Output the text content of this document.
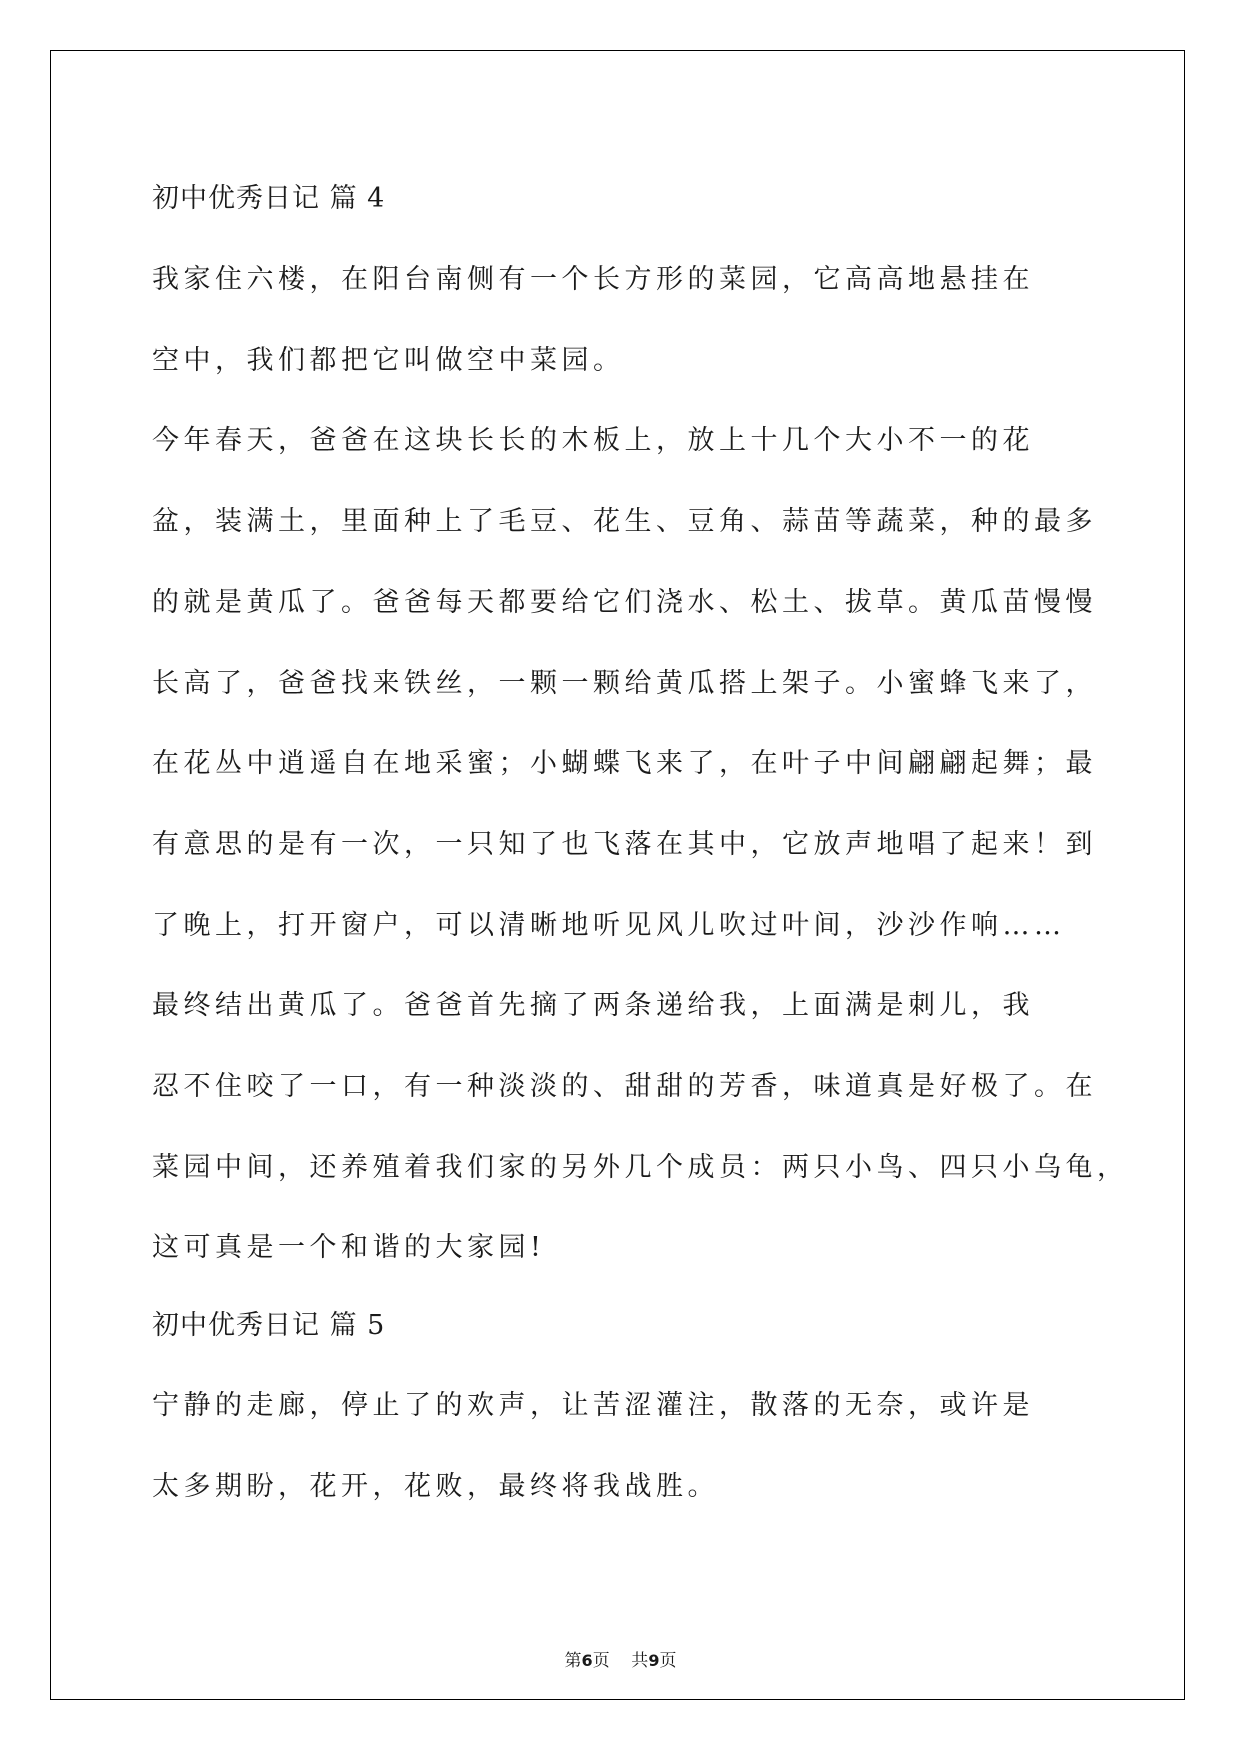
初中优秀日记 篇 4
我家住六楼，在阳台南侧有一个长方形的菜园，它高高地悬挂在
空中，我们都把它叫做空中菜园。
今年春天，爸爸在这块长长的木板上，放上十几个大小不一的花
盆，装满土，里面种上了毛豆、花生、豆角、蒜苗等蔬菜，种的最多
的就是黄瓜了。爸爸每天都要给它们浇水、松土、拔草。黄瓜苗慢慢
长高了，爸爸找来铁丝，一颗一颗给黄瓜搭上架子。小蜜蜂飞来了，
在花丛中逍遥自在地采蜜；小蝴蝶飞来了，在叶子中间翩翩起舞；最
有意思的是有一次，一只知了也飞落在其中，它放声地唱了起来！到
了晚上，打开窗户，可以清晰地听见风儿吹过叶间，沙沙作响……
最终结出黄瓜了。爸爸首先摘了两条递给我，上面满是刺儿，我
忍不住咬了一口，有一种淡淡的、甜甜的芳香，味道真是好极了。在
菜园中间，还养殖着我们家的另外几个成员：两只小鸟、四只小乌龟，
这可真是一个和谐的大家园!
初中优秀日记 篇 5
宁静的走廊，停止了的欢声，让苦涩灌注，散落的无奈，或许是
太多期盼，花开，花败，最终将我战胜。
第6页    共9页
